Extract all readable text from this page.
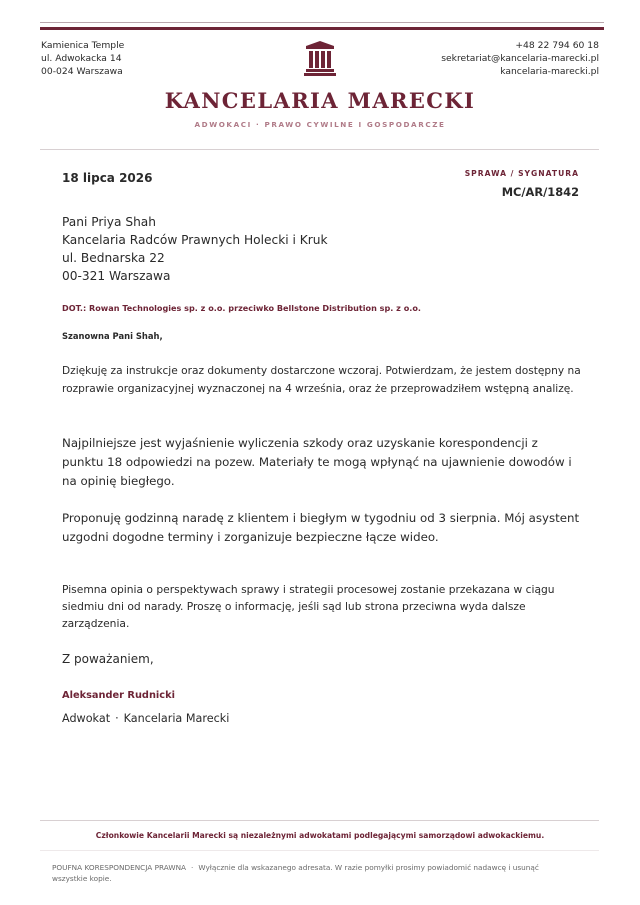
Kamienica Temple
ul. Adwokacka 14
00-024 Warszawa
+48 22 794 60 18
sekretariat@kancelaria-marecki.pl
kancelaria-marecki.pl
KANCELARIA MARECKI
ADWOKACI · PRAWO CYWILNE I GOSPODARCZE
18 lipca 2026	SPRAWA / SYGNATURA
MC/AR/1842
Pani Priya Shah
Kancelaria Radców Prawnych Holecki i Kruk
ul. Bednarska 22
00-321 Warszawa
DOT.: Rowan Technologies sp. z o.o. przeciwko Bellstone Distribution sp. z o.o.
Szanowna Pani Shah,
Dziękuję za instrukcje oraz dokumenty dostarczone wczoraj. Potwierdzam, że jestem dostępny na rozprawie organizacyjnej wyznaczonej na 4 września, oraz że przeprowadziłem wstępną analizę.
Najpilniejsze jest wyjaśnienie wyliczenia szkody oraz uzyskanie korespondencji z punktu 18 odpowiedzi na pozew. Materiały te mogą wpłynąć na ujawnienie dowodów i na opinię biegłego.
Proponuję godzinną naradę z klientem i biegłym w tygodniu od 3 sierpnia. Mój asystent uzgodni dogodne terminy i zorganizuje bezpieczne łącze wideo.
Pisemna opinia o perspektywach sprawy i strategii procesowej zostanie przekazana w ciągu siedmiu dni od narady. Proszę o informację, jeśli sąd lub strona przeciwna wyda dalsze zarządzenia.
Z poważaniem,
Aleksander Rudnicki
Adwokat · Kancelaria Marecki
Członkowie Kancelarii Marecki są niezależnymi adwokatami podlegającymi samorządowi adwokackiemu.
POUFNA KORESPONDENCJA PRAWNA · Wyłącznie dla wskazanego adresata. W razie pomyłki prosimy powiadomić nadawcę i usunąć wszystkie kopie.
